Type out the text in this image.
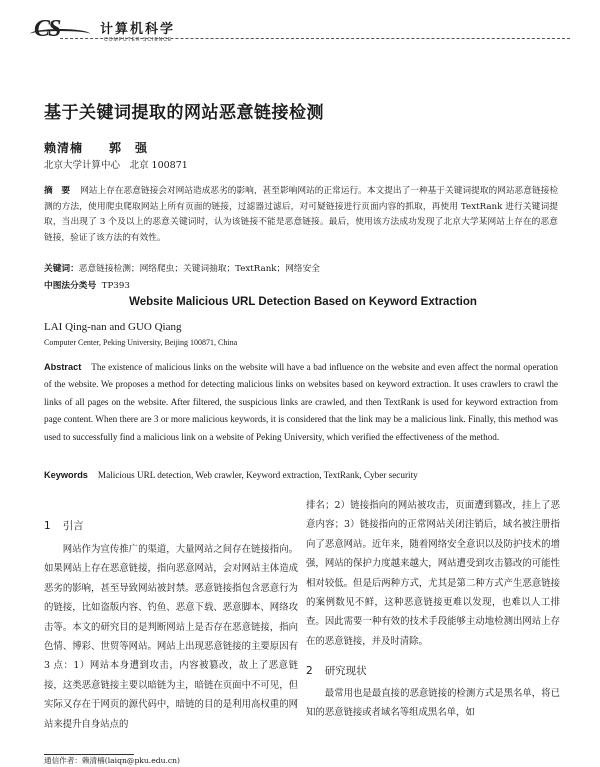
CS	计算机科学
COMPUTER SCIENCE
基于关键词提取的网站恶意链接检测
赖清楠　　郭　强
北京大学计算中心　北京 100871
摘　要 网站上存在恶意链接会对网站造成恶劣的影响，甚至影响网站的正常运行。本文提出了一种基于关键词提取的网站恶意链接检测的方法，使用爬虫爬取网站上所有页面的链接，过滤器过滤后，对可疑链接进行页面内容的抓取，再使用 TextRank 进行关键词提取，当出现了 3 个及以上的恶意关键词时，认为该链接不能是恶意链接。最后，使用该方法成功发现了北京大学某网站上存在的恶意链接，验证了该方法的有效性。
关键词：恶意链接检测；网络爬虫；关键词抽取；TextRank；网络安全
中图法分类号 TP393
Website Malicious URL Detection Based on Keyword Extraction
LAI Qing-nan and GUO Qiang
Computer Center, Peking University, Beijing 100871, China
Abstract The existence of malicious links on the website will have a bad influence on the website and even affect the normal operation of the website. We proposes a method for detecting malicious links on websites based on keyword extraction. It uses crawlers to crawl the links of all pages on the website. After filtered, the suspicious links are crawled, and then TextRank is used for keyword extraction from page content. When there are 3 or more malicious keywords, it is considered that the link may be a malicious link. Finally, this method was used to successfully find a malicious link on a website of Peking University, which verified the effectiveness of the method.
Keywords Malicious URL detection, Web crawler, Keyword extraction, TextRank, Cyber security
1 引言
网站作为宣传推广的渠道，大量网站之间存在链接指向。如果网站上存在恶意链接，指向恶意网站，会对网站主体造成恶劣的影响，甚至导致网站被封禁。恶意链接指包含恶意行为的链接，比如盗版内容、钓鱼、恶意下载、恶意脚本、网络攻击等。本文的研究目的是判断网站上是否存在恶意链接，指向色情、博彩、世贸等网站。网站上出现恶意链接的主要原因有 3 点：1）网站本身遭到攻击，内容被篡改，故上了恶意链接，这类恶意链接主要以暗链为主，暗链在页面中不可见，但实际又存在于网页的源代码中，暗链的目的是利用高权重的网站来提升自身站点的
排名；2）链接指向的网站被攻击，页面遭到篡改，挂上了恶意内容；3）链接指向的正常网站关闭注销后，域名被注册指向了恶意网站。近年来，随着网络安全意识以及防护技术的增强，网站的保护力度越来越大，网站遭受到攻击篡改的可能性相对较低。但是后两种方式，尤其是第二种方式产生恶意链接的案例数见不鲜，这种恶意链接更难以发现，也难以人工排查。因此需要一种有效的技术手段能够主动地检测出网站上存在的恶意链接，并及时清除。
2 研究现状
最常用也是最直接的恶意链接的检测方式是黑名单，将已知的恶意链接或者域名等组成黑名单，如
通信作者：赖清楠(laiqn@pku.edu.cn)
